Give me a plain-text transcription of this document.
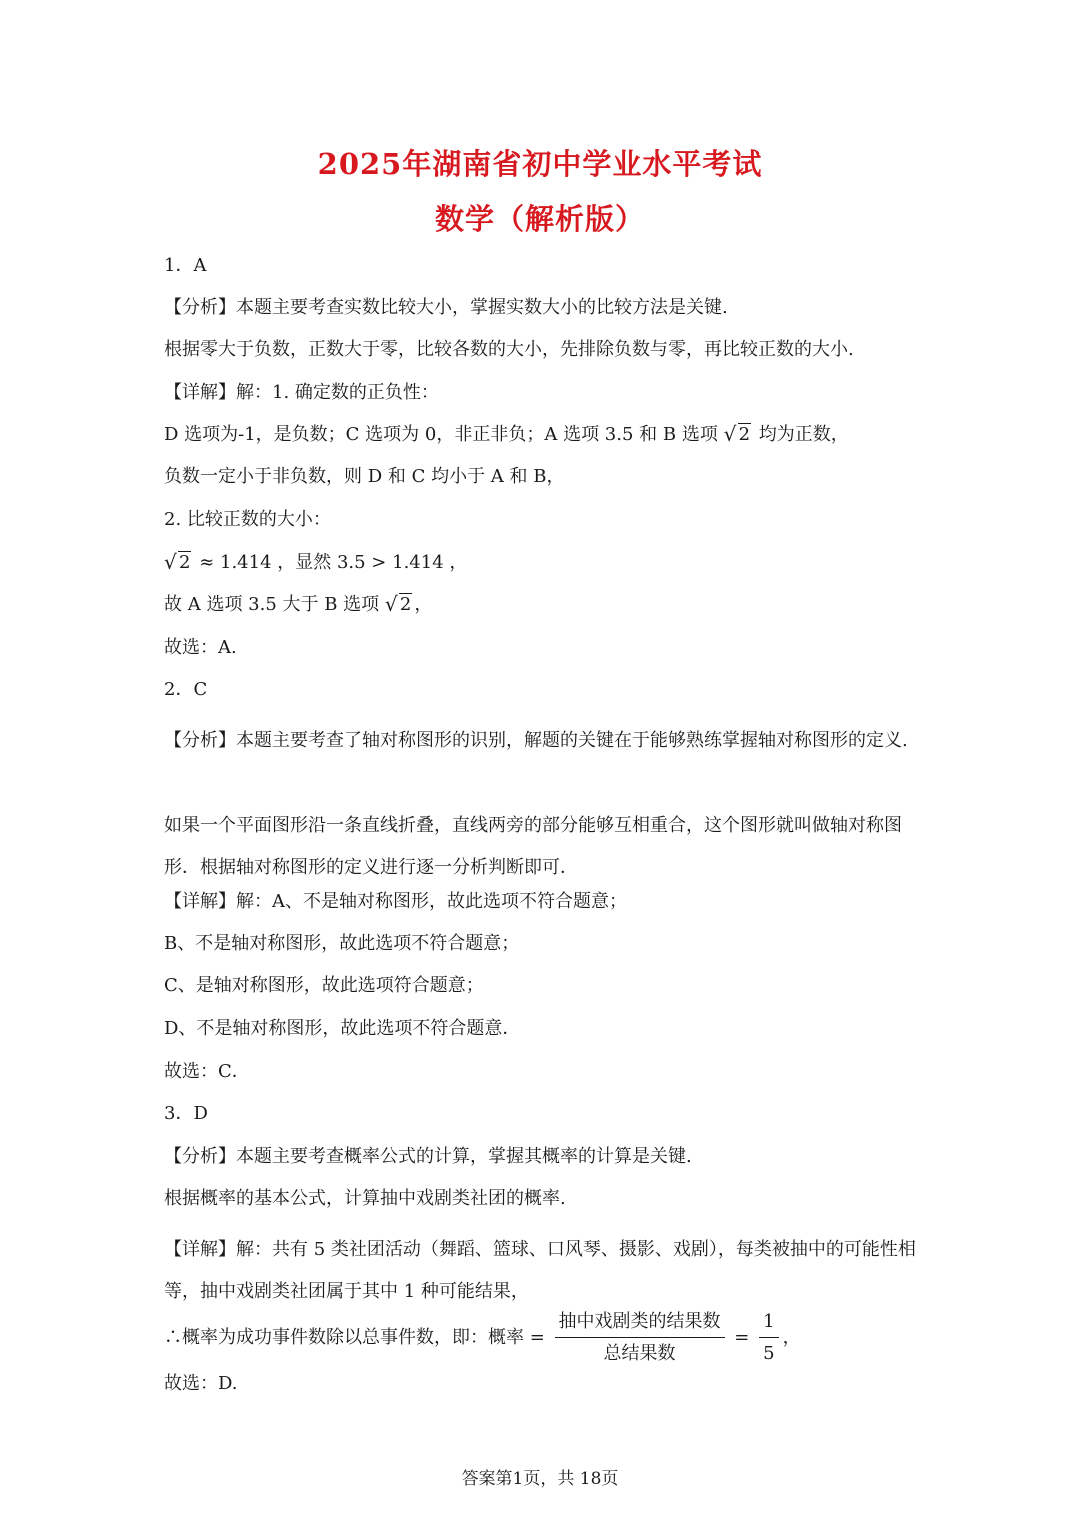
2025年湖南省初中学业水平考试
数学（解析版）

1．A

【分析】本题主要考查实数比较大小，掌握实数大小的比较方法是关键.

根据零大于负数，正数大于零，比较各数的大小，先排除负数与零，再比较正数的大小.

【详解】解：1. 确定数的正负性：

D 选项为-1，是负数；C 选项为 0，非正非负；A 选项 3.5 和 B 选项 √ 2 均为正数，

负数一定小于非负数，则 D 和 C 均小于 A 和 B，

2. 比较正数的大小：

√ 2 ≈ 1.414 ，显然 3.5 > 1.414 ，

故 A 选项 3.5 大于 B 选项 √ 2 ，

故选：A.

2．C

【分析】本题主要考查了轴对称图形的识别，解题的关键在于能够熟练掌握轴对称图形的定义.

如果一个平面图形沿一条直线折叠，直线两旁的部分能够互相重合，这个图形就叫做轴对称图形．根据轴对称图形的定义进行逐一分析判断即可．

【详解】解：A、不是轴对称图形，故此选项不符合题意；

B、不是轴对称图形，故此选项不符合题意；

C、是轴对称图形，故此选项符合题意；

D、不是轴对称图形，故此选项不符合题意．

故选：C．

3．D

【分析】本题主要考查概率公式的计算，掌握其概率的计算是关键.

根据概率的基本公式，计算抽中戏剧类社团的概率.

【详解】解：共有 5 类社团活动（舞蹈、篮球、口风琴、摄影、戏剧），每类被抽中的可能性相等，抽中戏剧类社团属于其中 1 种可能结果，

∴概率为成功事件数除以总事件数，即：概率 = $\frac{\text{抽中戏剧类的结果数}}{\text{总结果数}} = \frac{1}{5}$ ，

故选：D.

答案第1页，共 18页
